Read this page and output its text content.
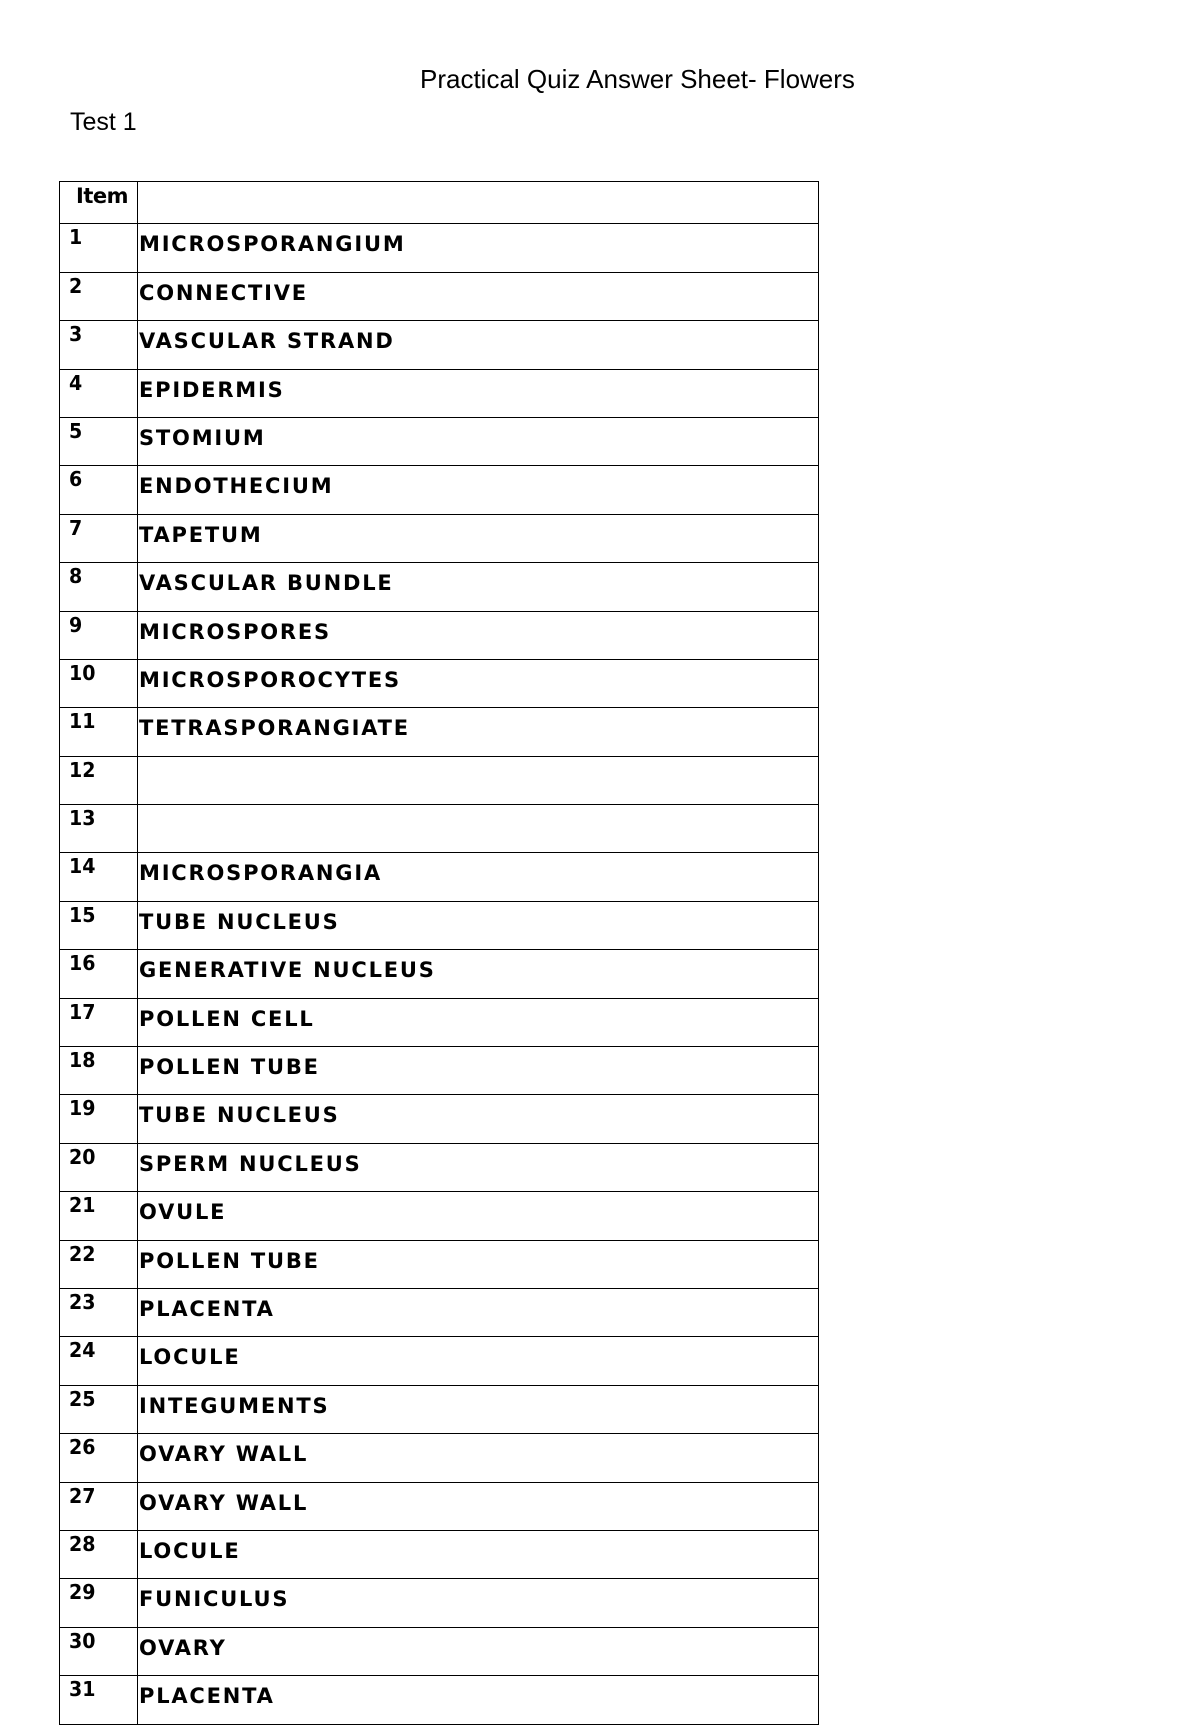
Practical Quiz Answer Sheet- Flowers
Test 1
Item	
1	MICROSPORANGIUM
2	CONNECTIVE
3	VASCULAR STRAND
4	EPIDERMIS
5	STOMIUM
6	ENDOTHECIUM
7	TAPETUM
8	VASCULAR BUNDLE
9	MICROSPORES
10	MICROSPOROCYTES
11	TETRASPORANGIATE
12	
13	
14	MICROSPORANGIA
15	TUBE NUCLEUS
16	GENERATIVE NUCLEUS
17	POLLEN CELL
18	POLLEN TUBE
19	TUBE NUCLEUS
20	SPERM NUCLEUS
21	OVULE
22	POLLEN TUBE
23	PLACENTA
24	LOCULE
25	INTEGUMENTS
26	OVARY WALL
27	OVARY WALL
28	LOCULE
29	FUNICULUS
30	OVARY
31	PLACENTA
